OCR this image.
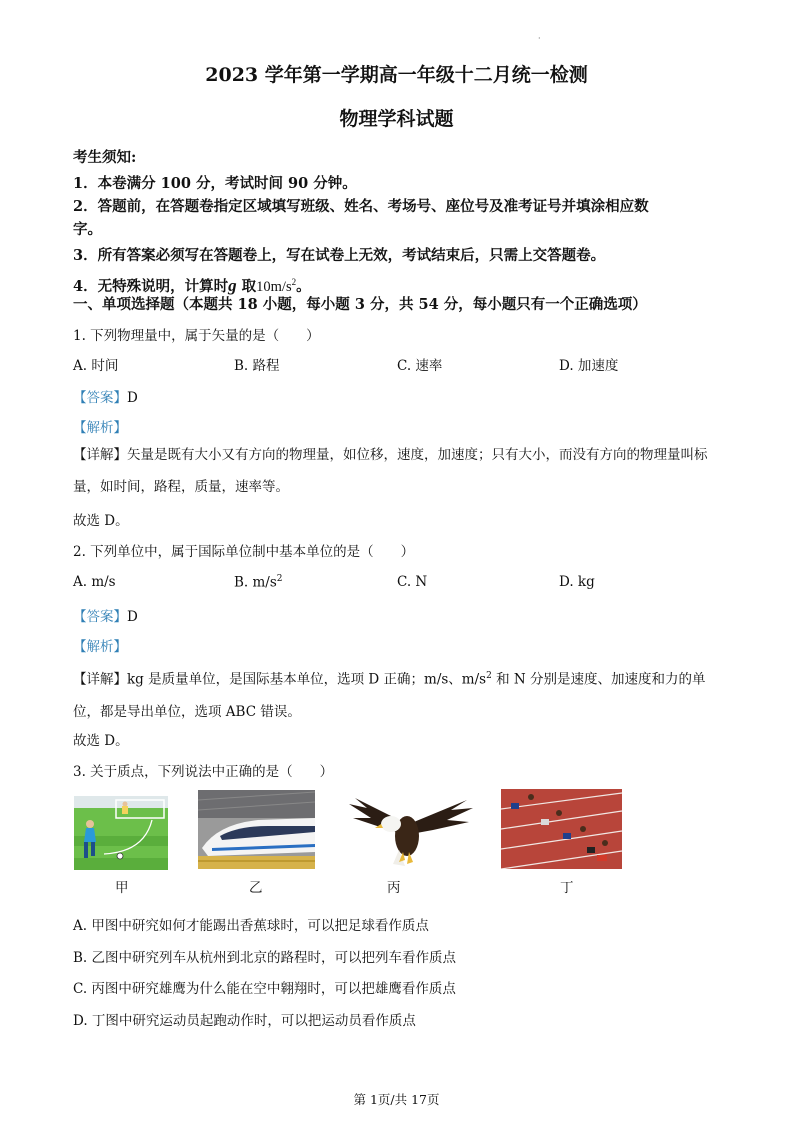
·
2023 学年第一学期高一年级十二月统一检测
物理学科试题
考生须知:
1．本卷满分 100 分，考试时间 90 分钟。
2．答题前，在答题卷指定区域填写班级、姓名、考场号、座位号及准考证号并填涂相应数
字。
3．所有答案必须写在答题卷上，写在试卷上无效，考试结束后，只需上交答题卷。
4．无特殊说明，计算时g 取$10m/s^2$。
一、单项选择题（本题共 18 小题，每小题 3 分，共 54 分，每小题只有一个正确选项）
1. 下列物理量中，属于矢量的是（　　）
A. 时间	B. 路程	C. 速率	D. 加速度
【答案】D
【解析】
【详解】矢量是既有大小又有方向的物理量，如位移，速度，加速度；只有大小，而没有方向的物理量叫标量，如时间，路程，质量，速率等。
故选 D。
2. 下列单位中，属于国际单位制中基本单位的是（　　）
A. m/s	B. $m/s^2$	C. N	D. kg
【答案】D
【解析】
【详解】kg 是质量单位，是国际基本单位，选项 D 正确；m/s、$m/s^2$ 和 N 分别是速度、加速度和力的单位，都是导出单位，选项 ABC 错误。
故选 D。
3. 关于质点，下列说法中正确的是（　　）
甲	乙	丙	丁
A. 甲图中研究如何才能踢出香蕉球时，可以把足球看作质点
B. 乙图中研究列车从杭州到北京的路程时，可以把列车看作质点
C. 丙图中研究雄鹰为什么能在空中翱翔时，可以把雄鹰看作质点
D. 丁图中研究运动员起跑动作时，可以把运动员看作质点
第 1页/共 17页
